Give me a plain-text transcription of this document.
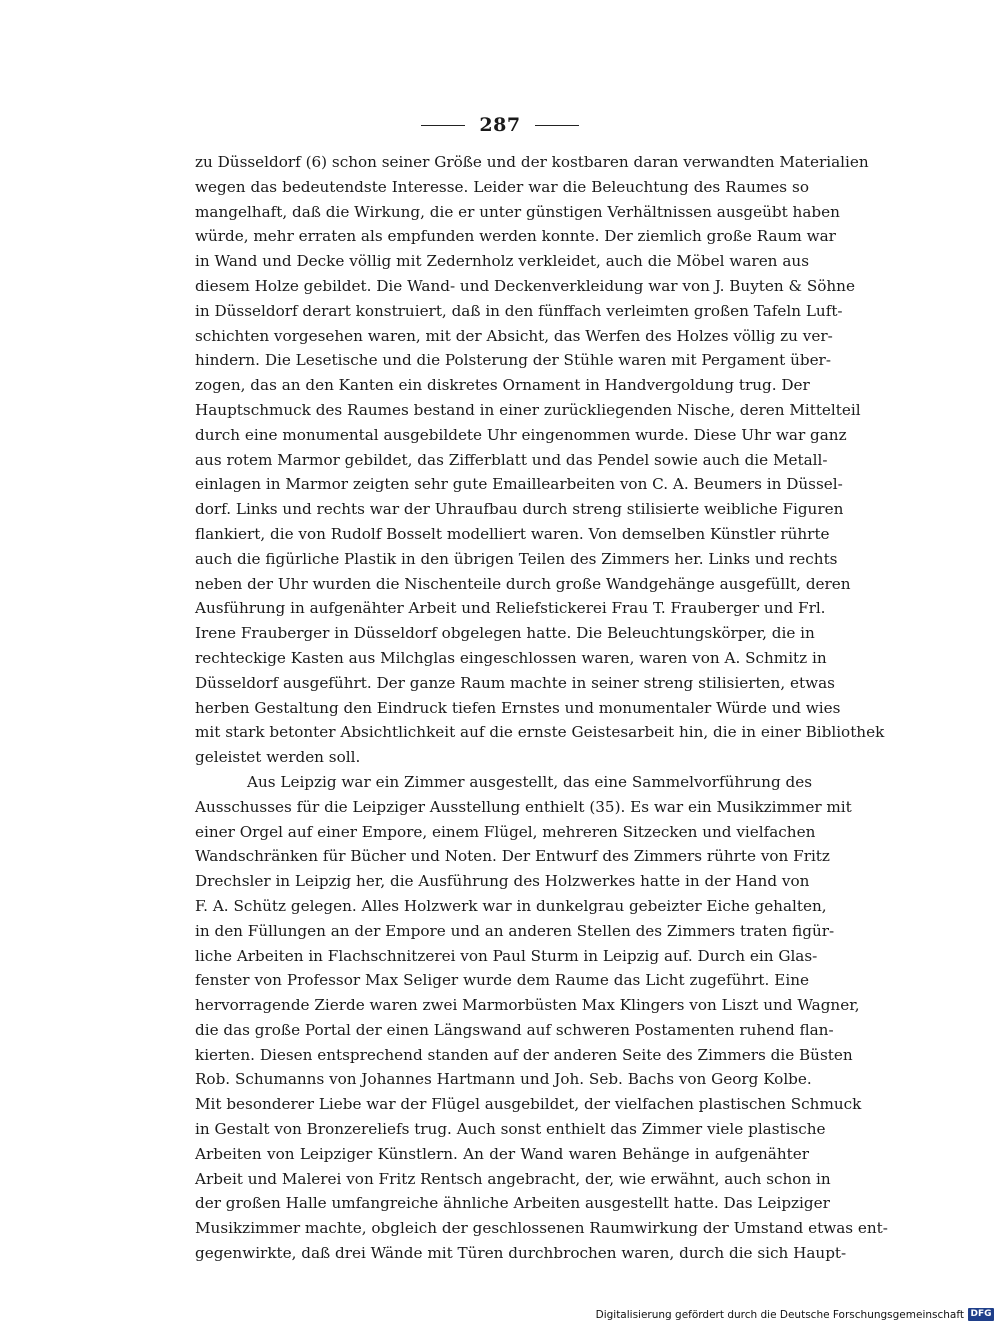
287
zu Düsseldorf (6) schon seiner Größe und der kostbaren daran verwandten Materialien
wegen das bedeutendste Interesse. Leider war die Beleuchtung des Raumes so
mangelhaft, daß die Wirkung, die er unter günstigen Verhältnissen ausgeübt haben
würde, mehr erraten als empfunden werden konnte. Der ziemlich große Raum war
in Wand und Decke völlig mit Zedernholz verkleidet, auch die Möbel waren aus
diesem Holze gebildet. Die Wand- und Deckenverkleidung war von J. Buyten & Söhne
in Düsseldorf derart konstruiert, daß in den fünffach verleimten großen Tafeln Luft-
schichten vorgesehen waren, mit der Absicht, das Werfen des Holzes völlig zu ver-
hindern. Die Lesetische und die Polsterung der Stühle waren mit Pergament über-
zogen, das an den Kanten ein diskretes Ornament in Handvergoldung trug. Der
Hauptschmuck des Raumes bestand in einer zurückliegenden Nische, deren Mittelteil
durch eine monumental ausgebildete Uhr eingenommen wurde. Diese Uhr war ganz
aus rotem Marmor gebildet, das Zifferblatt und das Pendel sowie auch die Metall-
einlagen in Marmor zeigten sehr gute Emaillearbeiten von C. A. Beumers in Düssel-
dorf. Links und rechts war der Uhraufbau durch streng stilisierte weibliche Figuren
flankiert, die von Rudolf Bosselt modelliert waren. Von demselben Künstler rührte
auch die figürliche Plastik in den übrigen Teilen des Zimmers her. Links und rechts
neben der Uhr wurden die Nischenteile durch große Wandgehänge ausgefüllt, deren
Ausführung in aufgenähter Arbeit und Reliefstickerei Frau T. Frauberger und Frl.
Irene Frauberger in Düsseldorf obgelegen hatte. Die Beleuchtungskörper, die in
rechteckige Kasten aus Milchglas eingeschlossen waren, waren von A. Schmitz in
Düsseldorf ausgeführt. Der ganze Raum machte in seiner streng stilisierten, etwas
herben Gestaltung den Eindruck tiefen Ernstes und monumentaler Würde und wies
mit stark betonter Absichtlichkeit auf die ernste Geistesarbeit hin, die in einer Bibliothek
geleistet werden soll.
Aus Leipzig war ein Zimmer ausgestellt, das eine Sammelvorführung des
Ausschusses für die Leipziger Ausstellung enthielt (35). Es war ein Musikzimmer mit
einer Orgel auf einer Empore, einem Flügel, mehreren Sitzecken und vielfachen
Wandschränken für Bücher und Noten. Der Entwurf des Zimmers rührte von Fritz
Drechsler in Leipzig her, die Ausführung des Holzwerkes hatte in der Hand von
F. A. Schütz gelegen. Alles Holzwerk war in dunkelgrau gebeizter Eiche gehalten,
in den Füllungen an der Empore und an anderen Stellen des Zimmers traten figür-
liche Arbeiten in Flachschnitzerei von Paul Sturm in Leipzig auf. Durch ein Glas-
fenster von Professor Max Seliger wurde dem Raume das Licht zugeführt. Eine
hervorragende Zierde waren zwei Marmorbüsten Max Klingers von Liszt und Wagner,
die das große Portal der einen Längswand auf schweren Postamenten ruhend flan-
kierten. Diesen entsprechend standen auf der anderen Seite des Zimmers die Büsten
Rob. Schumanns von Johannes Hartmann und Joh. Seb. Bachs von Georg Kolbe.
Mit besonderer Liebe war der Flügel ausgebildet, der vielfachen plastischen Schmuck
in Gestalt von Bronzereliefs trug. Auch sonst enthielt das Zimmer viele plastische
Arbeiten von Leipziger Künstlern. An der Wand waren Behänge in aufgenähter
Arbeit und Malerei von Fritz Rentsch angebracht, der, wie erwähnt, auch schon in
der großen Halle umfangreiche ähnliche Arbeiten ausgestellt hatte. Das Leipziger
Musikzimmer machte, obgleich der geschlossenen Raumwirkung der Umstand etwas ent-
gegenwirkte, daß drei Wände mit Türen durchbrochen waren, durch die sich Haupt-
Digitalisierung gefördert durch die Deutsche Forschungsgemeinschaft DFG
